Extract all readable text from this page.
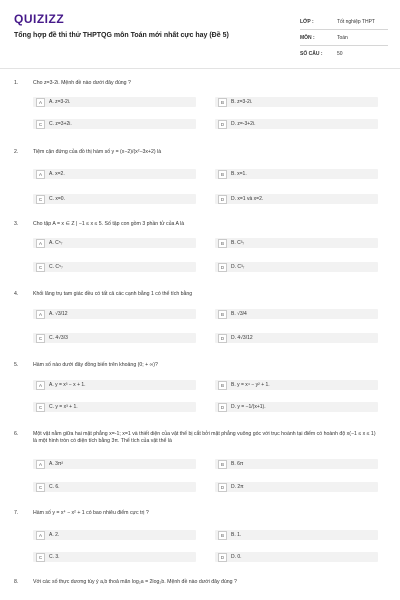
QUIZIZZ
Tổng hợp đề thi thử THPTQG môn Toán mới nhất cực hay (Đề 5)
LỚP :	Tốt nghiệp THPT
MÔN :	Toán
SỐ CÂU :	50
1.	Cho z=3-2i. Mệnh đề nào dưới đây đúng ?
A	A. z=3-2i.	B	B. z=3-2i.
C	C. z=3+2i.	D	D. z=-3+2i.
2.	Tiệm cận đứng của đồ thị hàm số y = (x−2)/(x²−3x+2) là
A	A. x=2.	B	B. x=1.
C	C. x=0.	D	D. x=1 và x=2.
3.	Cho tập A = x ∈ Z | −1 ≤ x ≤ 5. Số tập con gồm 3 phần tử của A là
A	A. C⁵₇	B	B. C³₇
C	C. C⁵₇	D	D. C³₇
4.	Khối lăng trụ tam giác đều có tất cả các cạnh bằng 1 có thể tích bằng
A	A. √3/12	B	B. √3/4
C	C. 4√3/3	D	D. 4√3/12
5.	Hàm số nào dưới đây đồng biến trên khoảng (0; + ∞)?
A	A. y = x³ − x + 1.	B	B. y = x⁴ − y² + 1.
C	C. y = x³ + 1.	D	D. y = −1/(x+1).
6.	Một vật nằm giữa hai mặt phẳng x=-1; x=1 và thiết diện của vật thể bị cắt bởi mặt phẳng vuông góc với trục hoành tại điểm có hoành độ x(−1 ≤ x ≤ 1) là một hình tròn có diện tích bằng 3π. Thể tích của vật thể là
A	A. 3π²	B	B. 6π
C	C. 6.	D	D. 2π
7.	Hàm số y = x⁴ − x² + 1 có bao nhiêu điểm cực trị ?
A	A. 2.	B	B. 1.
C	C. 3.	D	D. 0.
8.	Với các số thực dương tùy ý a,b thoả mãn log₂a = 2log₂b. Mệnh đề nào dưới đây đúng ?
